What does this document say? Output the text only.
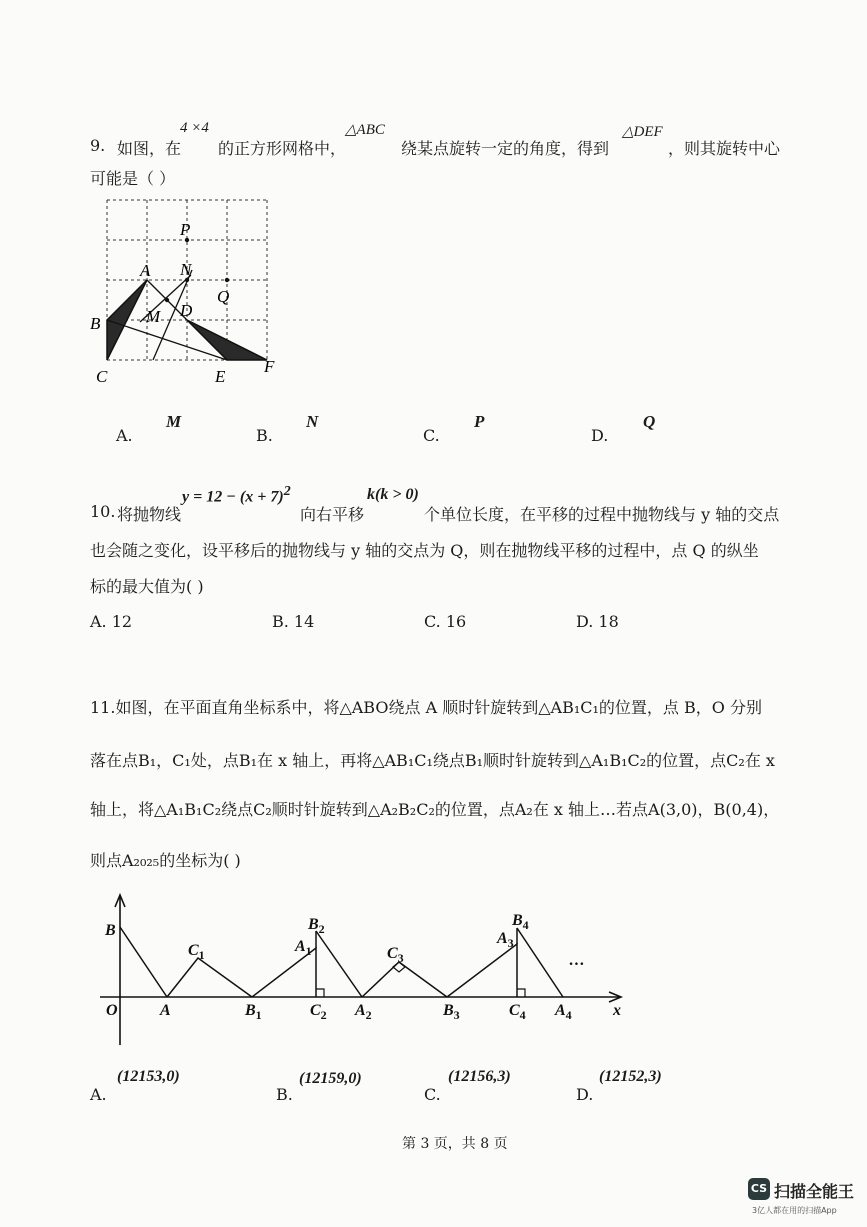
9. 如图，在
4 ×4
的正方形网格中，
△ABC
绕某点旋转一定的角度，得到
△DEF
，则其旋转中心
可能是（ ）
P
A N
Q
B	M D
C	E
F
A.
M
B.
N
C.
P
D.
Q
10. 将抛物线
$y = 12 - (x + 7)^2$
向右平移
k(k > 0)
个单位长度，在平移的过程中抛物线与 y 轴的交点
也会随之变化，设平移后的抛物线与 y 轴的交点为 Q，则在抛物线平移的过程中，点 Q 的纵坐
标的最大值为( )
A. 12	B. 14	C. 16	D. 18
11.如图，在平面直角坐标系中，将△ABO绕点 A 顺时针旋转到△AB₁C₁的位置，点 B，O 分别
落在点B₁，C₁处，点B₁在 x 轴上，再将△AB₁C₁绕点B₁顺时针旋转到△A₁B₁C₂的位置，点C₂在 x
轴上，将△A₁B₁C₂绕点C₂顺时针旋转到△A₂B₂C₂的位置，点A₂在 x 轴上…若点A(3,0)，B(0,4)，
则点A₂₀₂₅的坐标为( )
B
O	A
$C_1$
$B_1$
$A_1$
$B_2$
$C_2$ $A_2$
$C_3$
$B_3$
$A_3$
$B_4$
$C_4$ $A_4$
…
x
A.
(12153,0)
B.
(12159,0)
C.
(12156,3)
D.
(12152,3)
第 3 页，共 8 页
CS 扫描全能王
3亿人都在用的扫描App
